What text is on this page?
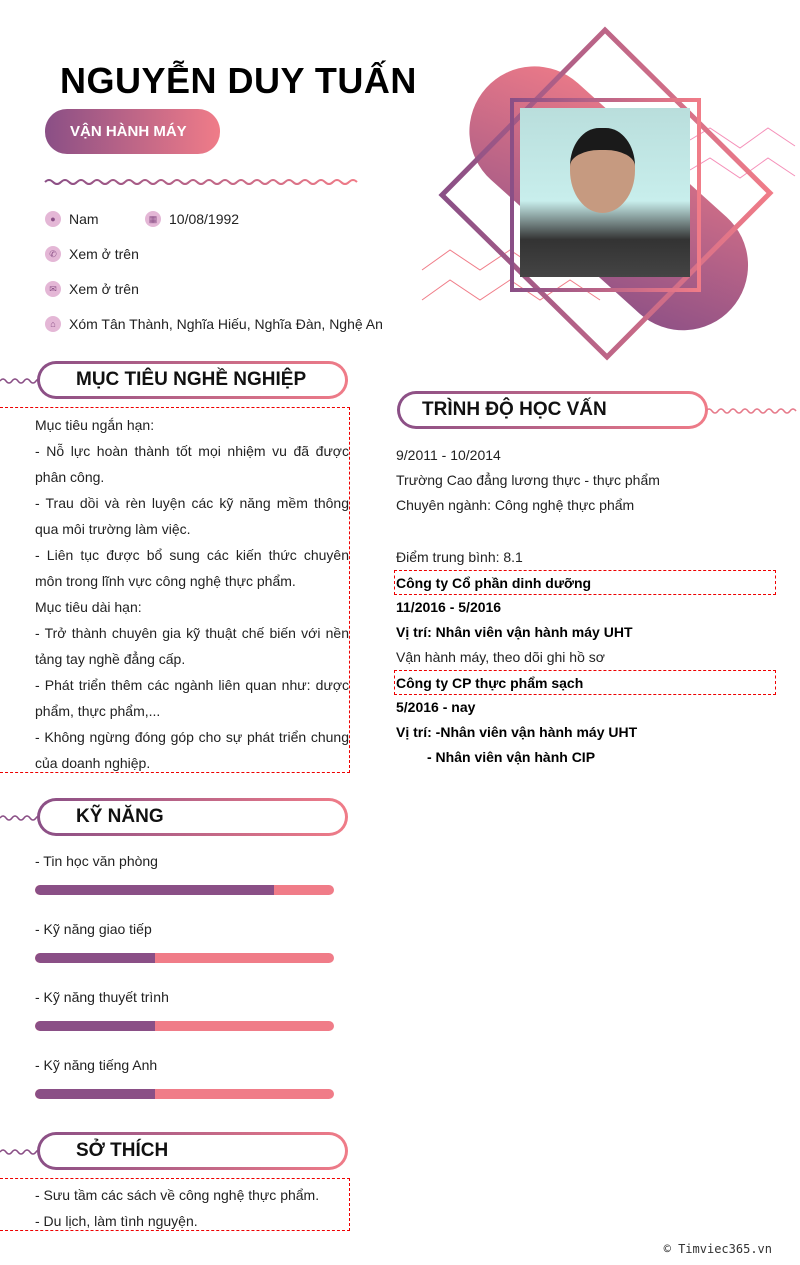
NGUYỄN DUY TUẤN
VẬN HÀNH MÁY
● Nam	▦ 10/08/1992
✆ Xem ở trên
✉ Xem ở trên
⌂ Xóm Tân Thành, Nghĩa Hiếu, Nghĩa Đàn, Nghệ An
MỤC TIÊU NGHỀ NGHIỆP
Mục tiêu ngắn hạn:
- Nỗ lực hoàn thành tốt mọi nhiệm vu đã được phân công.
- Trau dồi và rèn luyện các kỹ năng mềm thông qua môi trường làm việc.
- Liên tục được bổ sung các kiến thức chuyên môn trong lĩnh vực công nghệ thực phẩm.
Mục tiêu dài hạn:
- Trở thành chuyên gia kỹ thuật chế biến với nền tảng tay nghề đẳng cấp.
- Phát triển thêm các ngành liên quan như: dược phẩm, thực phẩm,...
- Không ngừng đóng góp cho sự phát triển chung của doanh nghiệp.
KỸ NĂNG
- Tin học văn phòng
- Kỹ năng giao tiếp
- Kỹ năng thuyết trình
- Kỹ năng tiếng Anh
SỞ THÍCH
- Sưu tầm các sách về công nghệ thực phẩm.
- Du lịch, làm tình nguyện.
TRÌNH ĐỘ HỌC VẤN
9/2011 - 10/2014
Trường Cao đẳng lương thực - thực phẩm
Chuyên ngành: Công nghệ thực phẩm
Điểm trung bình: 8.1
Công ty Cổ phần dinh dưỡng
11/2016 - 5/2016
Vị trí: Nhân viên vận hành máy UHT
Vận hành máy, theo dõi ghi hồ sơ
Công ty CP thực phẩm sạch
5/2016 - nay
Vị trí: -Nhân viên vận hành máy UHT
- Nhân viên vận hành CIP
© Timviec365.vn
